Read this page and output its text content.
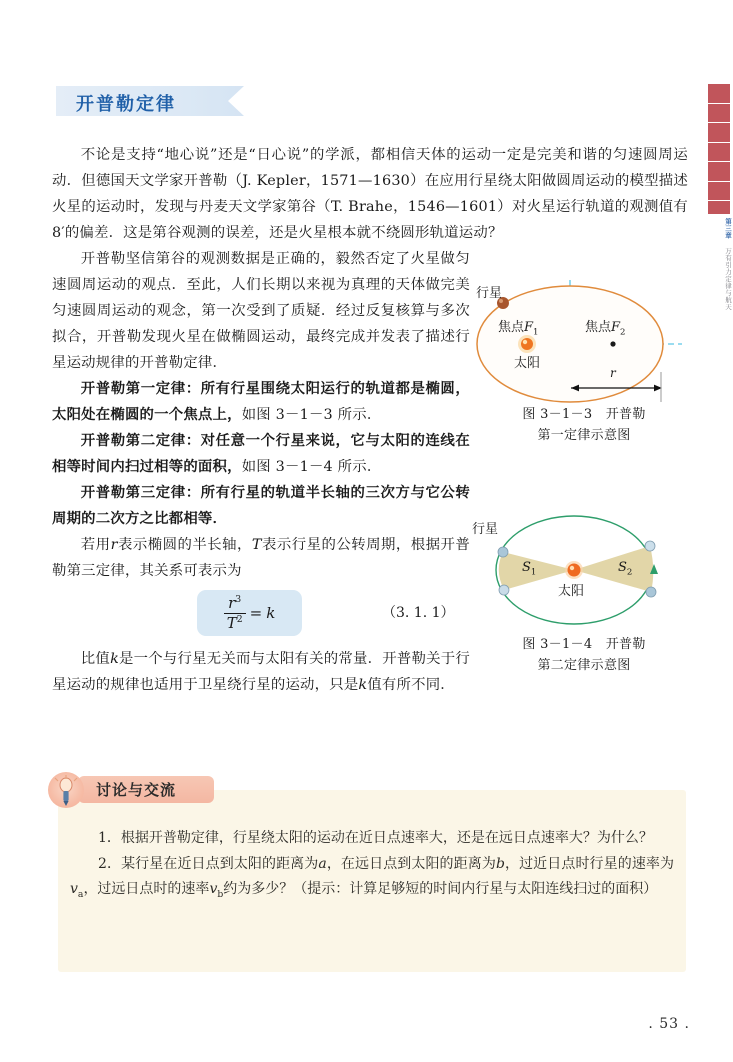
第三章 万有引力定律与航天
开普勒定律

不论是支持“地心说”还是“日心说”的学派，都相信天体的运动一定是完美和谐的匀速圆周运动．但德国天文学家开普勒（J. Kepler，1571—1630）在应用行星绕太阳做圆周运动的模型描述火星的运动时，发现与丹麦天文学家第谷（T. Brahe，1546—1601）对火星运行轨道的观测值有 8′的偏差．这是第谷观测的误差，还是火星根本就不绕圆形轨道运动？

开普勒坚信第谷的观测数据是正确的，毅然否定了火星做匀速圆周运动的观点．至此，人们长期以来视为真理的天体做完美匀速圆周运动的观念，第一次受到了质疑．经过反复核算与多次拟合，开普勒发现火星在做椭圆运动，最终完成并发表了描述行星运动规律的开普勒定律．

开普勒第一定律：所有行星围绕太阳运行的轨道都是椭圆，太阳处在椭圆的一个焦点上，如图 3－1－3 所示．

开普勒第二定律：对任意一个行星来说，它与太阳的连线在相等时间内扫过相等的面积，如图 3－1－4 所示．

开普勒第三定律：所有行星的轨道半长轴的三次方与它公转周期的二次方之比都相等．

若用r表示椭圆的半长轴，T表示行星的公转周期，根据开普勒第三定律，其关系可表示为

$\frac{r^3}{T^2} = k$	（3. 1. 1）

比值k是一个与行星无关而与太阳有关的常量．开普勒关于行星运动的规律也适用于卫星绕行星的运动，只是k值有所不同．

行星
焦点$F_1$	焦点$F_2$
太阳
r
图 3－1－3　开普勒
第一定律示意图
行星
$S_1$	$S_2$
太阳
图 3－1－4　开普勒
第二定律示意图
讨论与交流

1．根据开普勒定律，行星绕太阳的运动在近日点速率大，还是在远日点速率大？为什么？

2．某行星在近日点到太阳的距离为a，在远日点到太阳的距离为b，过近日点时行星的速率为$v_a$，过远日点时的速率$v_b$约为多少？（提示：计算足够短的时间内行星与太阳连线扫过的面积）

. 53 .
